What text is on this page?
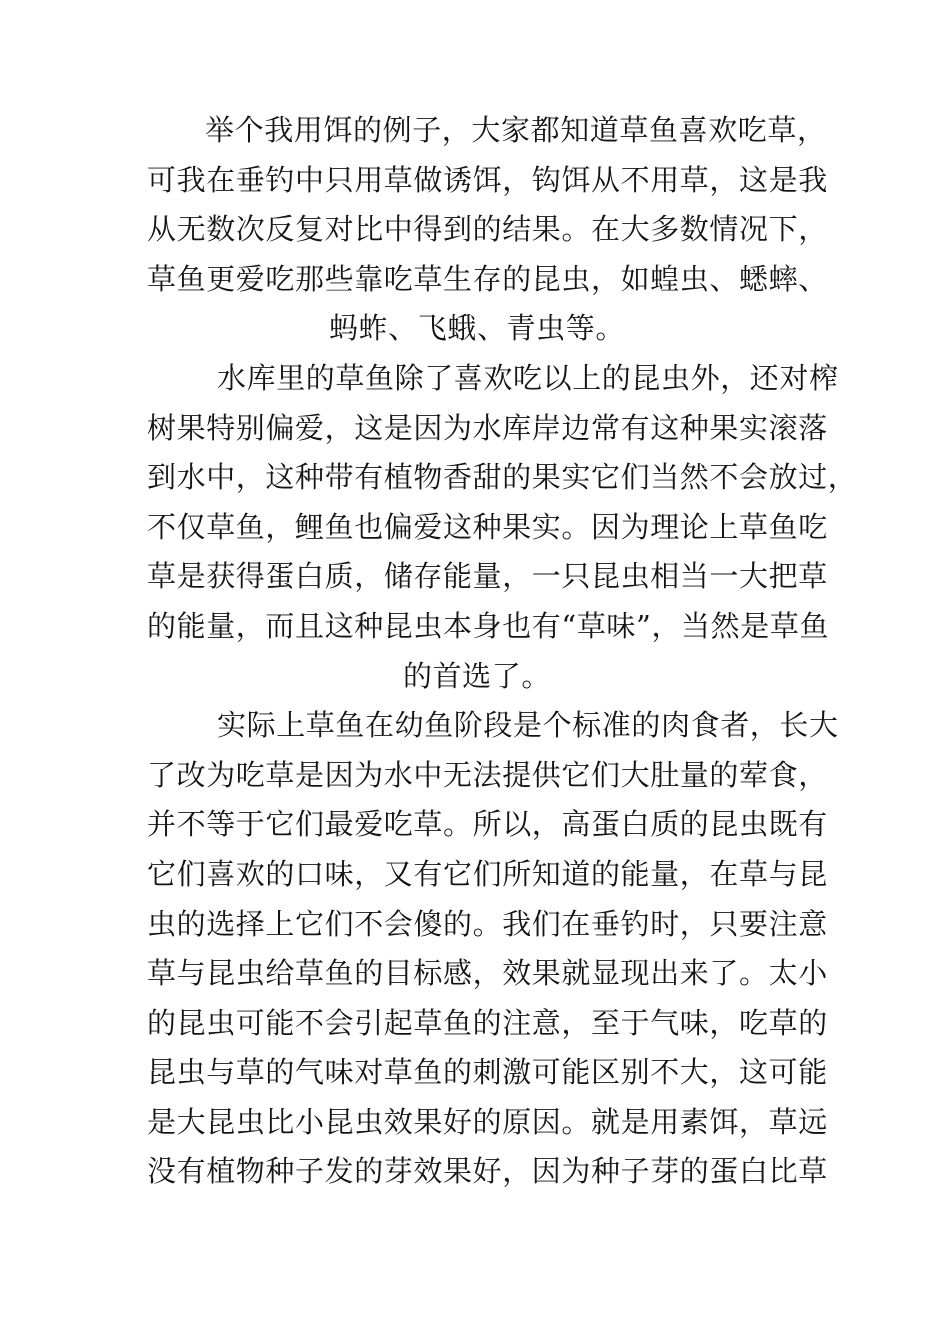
举个我用饵的例子，大家都知道草鱼喜欢吃草，
可我在垂钓中只用草做诱饵，钩饵从不用草，这是我
从无数次反复对比中得到的结果。在大多数情况下，
草鱼更爱吃那些靠吃草生存的昆虫，如蝗虫、蟋蟀、
蚂蚱、飞蛾、青虫等。

水库里的草鱼除了喜欢吃以上的昆虫外，还对榨
树果特别偏爱，这是因为水库岸边常有这种果实滚落
到水中，这种带有植物香甜的果实它们当然不会放过，
不仅草鱼，鲤鱼也偏爱这种果实。因为理论上草鱼吃
草是获得蛋白质，储存能量，一只昆虫相当一大把草
的能量，而且这种昆虫本身也有“草味”，当然是草鱼
的首选了。

实际上草鱼在幼鱼阶段是个标准的肉食者，长大
了改为吃草是因为水中无法提供它们大肚量的荤食，
并不等于它们最爱吃草。所以，高蛋白质的昆虫既有
它们喜欢的口味，又有它们所知道的能量，在草与昆
虫的选择上它们不会傻的。我们在垂钓时，只要注意
草与昆虫给草鱼的目标感，效果就显现出来了。太小
的昆虫可能不会引起草鱼的注意，至于气味，吃草的
昆虫与草的气味对草鱼的刺激可能区别不大，这可能
是大昆虫比小昆虫效果好的原因。就是用素饵，草远
没有植物种子发的芽效果好，因为种子芽的蛋白比草
